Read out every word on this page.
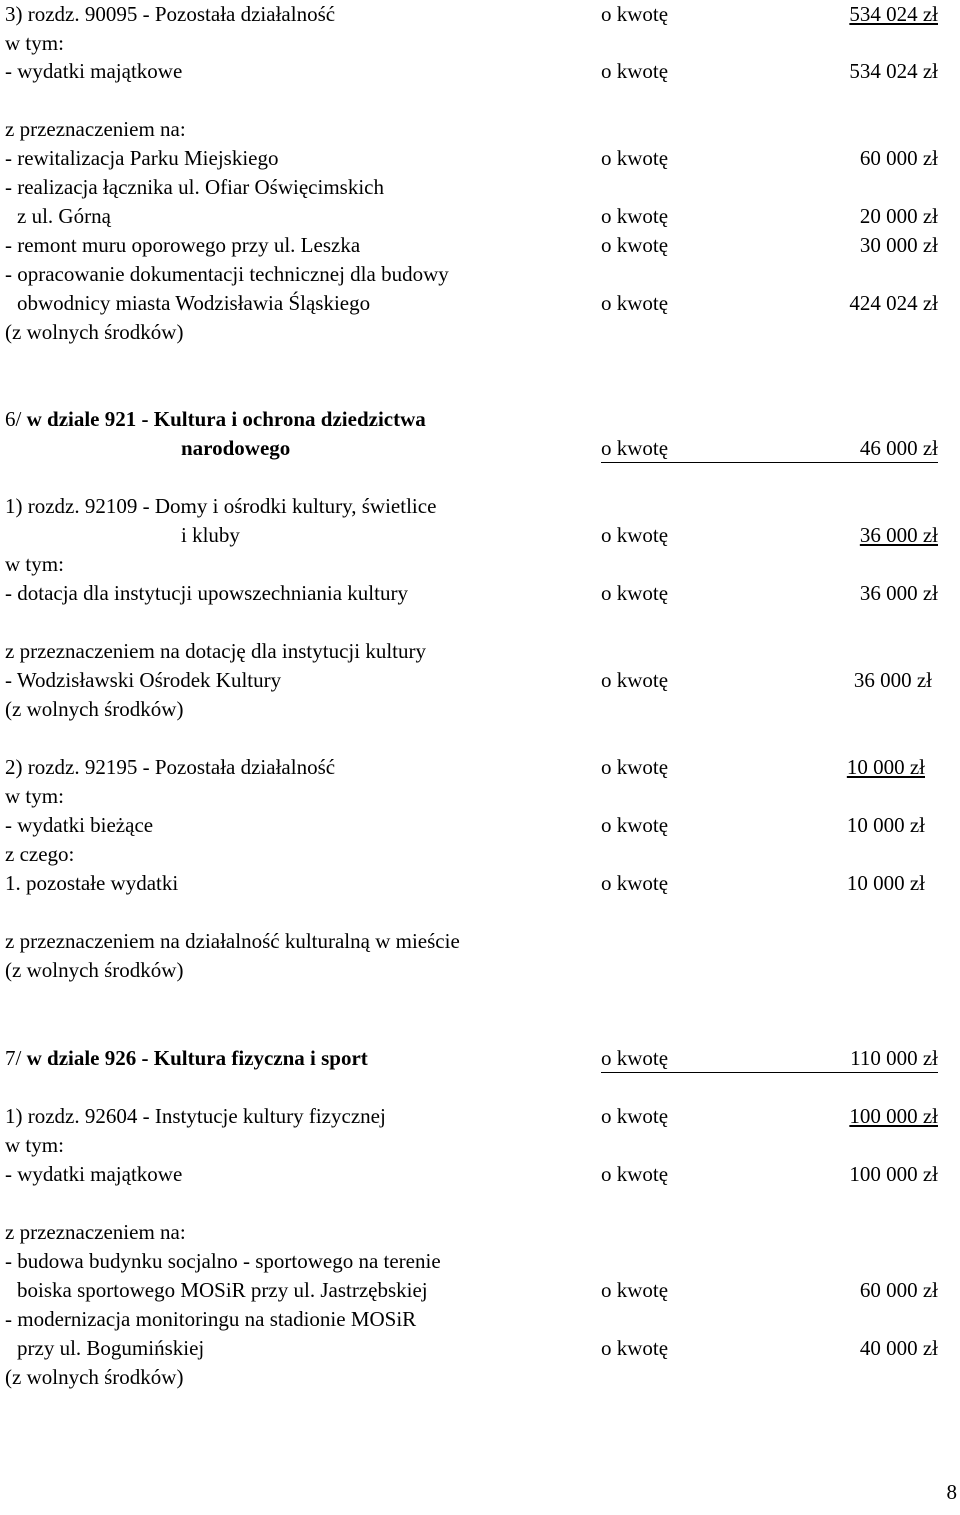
3) rozdz. 90095 - Pozostała działalność	o kwotę	534 024 zł
w tym:
- wydatki majątkowe	o kwotę	534 024 zł
z przeznaczeniem na:
- rewitalizacja Parku Miejskiego	o kwotę	60 000 zł
- realizacja łącznika ul. Ofiar Oświęcimskich
z ul. Górną	o kwotę	20 000 zł
- remont muru oporowego przy ul. Leszka	o kwotę	30 000 zł
- opracowanie dokumentacji technicznej dla budowy
obwodnicy miasta Wodzisławia Śląskiego	o kwotę	424 024 zł
(z wolnych środków)
6/ w dziale 921 - Kultura i ochrona dziedzictwa
narodowego	o kwotę	46 000 zł
1) rozdz. 92109 - Domy i ośrodki kultury, świetlice
i kluby	o kwotę	36 000 zł
w tym:
- dotacja dla instytucji upowszechniania kultury	o kwotę	36 000 zł
z przeznaczeniem na dotację dla instytucji kultury
- Wodzisławski Ośrodek Kultury	o kwotę	36 000 zł
(z wolnych środków)
2) rozdz. 92195 - Pozostała działalność	o kwotę	10 000 zł
w tym:
- wydatki bieżące	o kwotę	10 000 zł
z czego:
1. pozostałe wydatki	o kwotę	10 000 zł
z przeznaczeniem na działalność kulturalną w mieście
(z wolnych środków)
7/ w dziale 926 - Kultura fizyczna i sport	o kwotę	110 000 zł
1) rozdz. 92604 - Instytucje kultury fizycznej	o kwotę	100 000 zł
w tym:
- wydatki majątkowe	o kwotę	100 000 zł
z przeznaczeniem na:
- budowa budynku socjalno - sportowego na terenie
boiska sportowego MOSiR przy ul. Jastrzębskiej	o kwotę	60 000 zł
- modernizacja monitoringu na stadionie MOSiR
przy ul. Bogumińskiej	o kwotę	40 000 zł
(z wolnych środków)
8
